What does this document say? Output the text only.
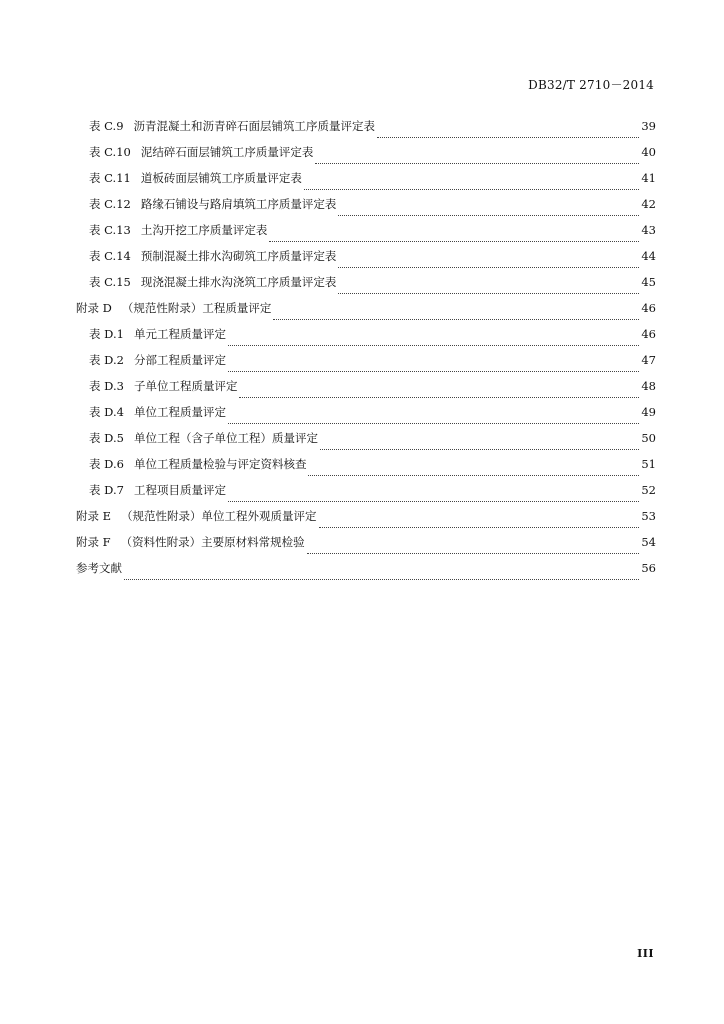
DB32/T 2710－2014
表 C.9 沥青混凝土和沥青碎石面层铺筑工序质量评定表	39
表 C.10 泥结碎石面层铺筑工序质量评定表	40
表 C.11 道板砖面层铺筑工序质量评定表	41
表 C.12 路缘石铺设与路肩填筑工序质量评定表	42
表 C.13 土沟开挖工序质量评定表	43
表 C.14 预制混凝土排水沟砌筑工序质量评定表	44
表 C.15 现浇混凝土排水沟浇筑工序质量评定表	45
附录 D （规范性附录）工程质量评定	46
表 D.1 单元工程质量评定	46
表 D.2 分部工程质量评定	47
表 D.3 子单位工程质量评定	48
表 D.4 单位工程质量评定	49
表 D.5 单位工程（含子单位工程）质量评定	50
表 D.6 单位工程质量检验与评定资料核查	51
表 D.7 工程项目质量评定	52
附录 E （规范性附录）单位工程外观质量评定	53
附录 F （资料性附录）主要原材料常规检验	54
参考文献	56
III
